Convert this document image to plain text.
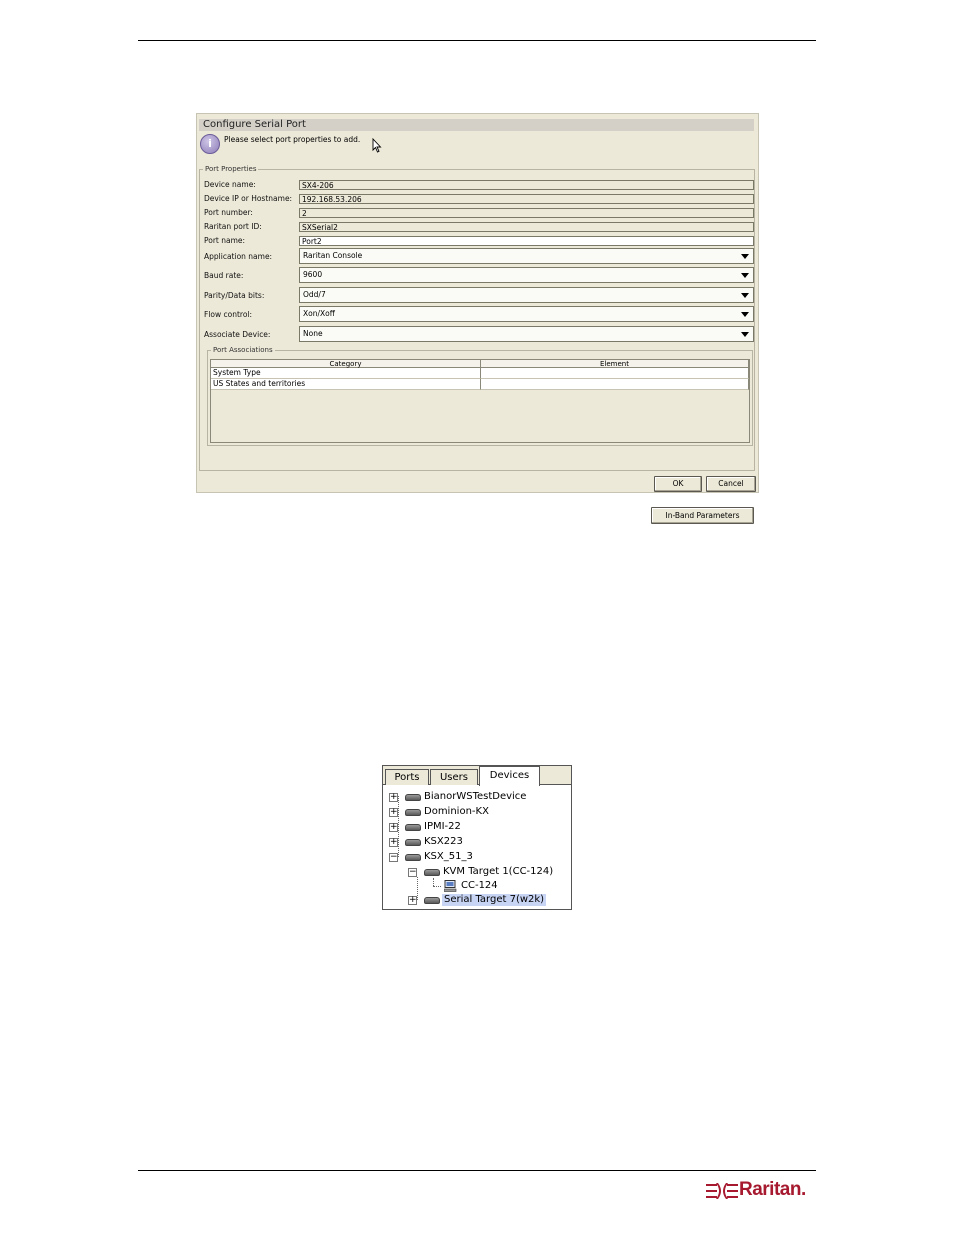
Configure Serial Port
i	Please select port properties to add.
Port Properties
Device name:	SX4-206
Device IP or Hostname:	192.168.53.206
Port number:	2
Raritan port ID:	SXSerial2
Port name:	Port2
Application name:	Raritan Console
Baud rate:	9600
Parity/Data bits:	Odd/7
Flow control:	Xon/Xoff
Associate Device:	None
Port Associations
Category	Element
System Type
US States and territories
In-Band Parameters
OK	Cancel
Ports	Users	Devices
+	BianorWSTestDevice
+	Dominion-KX
+	IPMI-22
+	KSX223
−	KSX_51_3
−	KVM Target 1(CC-124)
CC-124
+	Serial Target 7(w2k)
Raritan.
